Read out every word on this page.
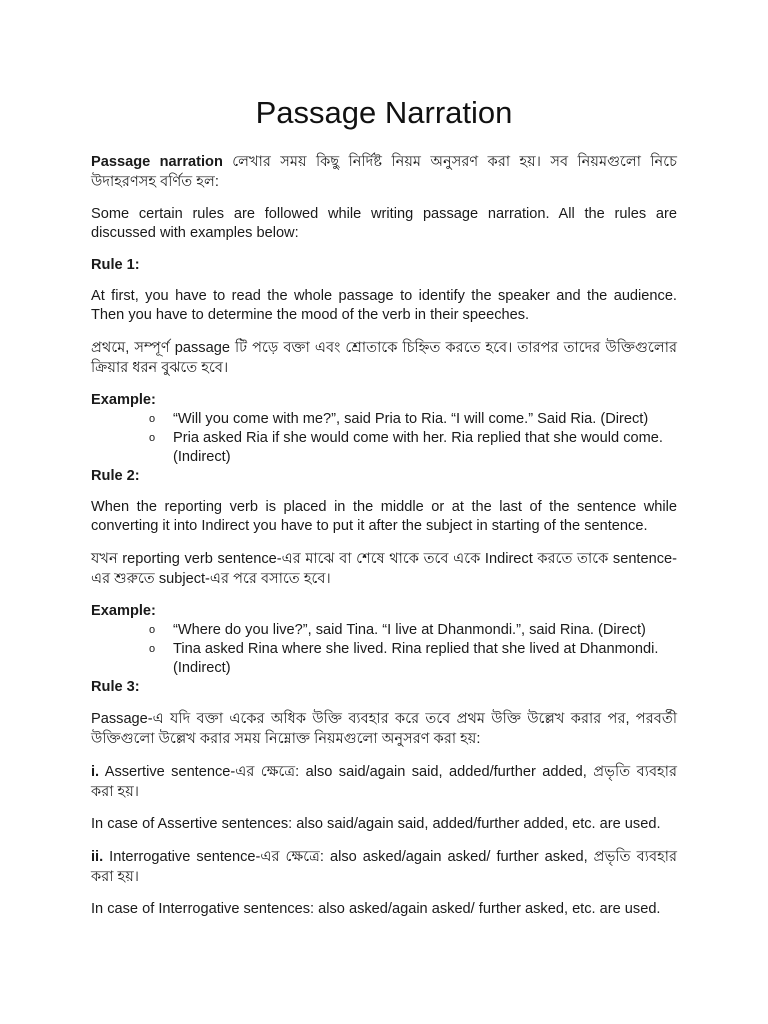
Passage Narration

Passage narration লেখার সময় কিছু নির্দিষ্ট নিয়ম অনুসরণ করা হয়। সব নিয়মগুলো নিচে উদাহরণসহ বর্ণিত হল:

Some certain rules are followed while writing passage narration. All the rules are discussed with examples below:

Rule 1:

At first, you have to read the whole passage to identify the speaker and the audience. Then you have to determine the mood of the verb in their speeches.

প্রথমে, সম্পূর্ণ passage টি পড়ে বক্তা এবং শ্রোতাকে চিহ্নিত করতে হবে। তারপর তাদের উক্তিগুলোর ক্রিয়ার ধরন বুঝতে হবে।

Example:
o “Will you come with me?”, said Pria to Ria. “I will come.” Said Ria. (Direct)
o Pria asked Ria if she would come with her. Ria replied that she would come. (Indirect)

Rule 2:

When the reporting verb is placed in the middle or at the last of the sentence while converting it into Indirect you have to put it after the subject in starting of the sentence.

যখন reporting verb sentence-এর মাঝে বা শেষে থাকে তবে একে Indirect করতে তাকে sentence-এর শুরুতে subject-এর পরে বসাতে হবে।

Example:
o “Where do you live?”, said Tina. “I live at Dhanmondi.”, said Rina. (Direct)
o Tina asked Rina where she lived. Rina replied that she lived at Dhanmondi. (Indirect)

Rule 3:

Passage-এ যদি বক্তা একের অধিক উক্তি ব্যবহার করে তবে প্রথম উক্তি উল্লেখ করার পর, পরবর্তী উক্তিগুলো উল্লেখ করার সময় নিম্নোক্ত নিয়মগুলো অনুসরণ করা হয়:

i. Assertive sentence-এর ক্ষেত্রে: also said/again said, added/further added, প্রভৃতি ব্যবহার করা হয়।

In case of Assertive sentences: also said/again said, added/further added, etc. are used.

ii. Interrogative sentence-এর ক্ষেত্রে: also asked/again asked/ further asked, প্রভৃতি ব্যবহার করা হয়।

In case of Interrogative sentences: also asked/again asked/ further asked, etc. are used.
